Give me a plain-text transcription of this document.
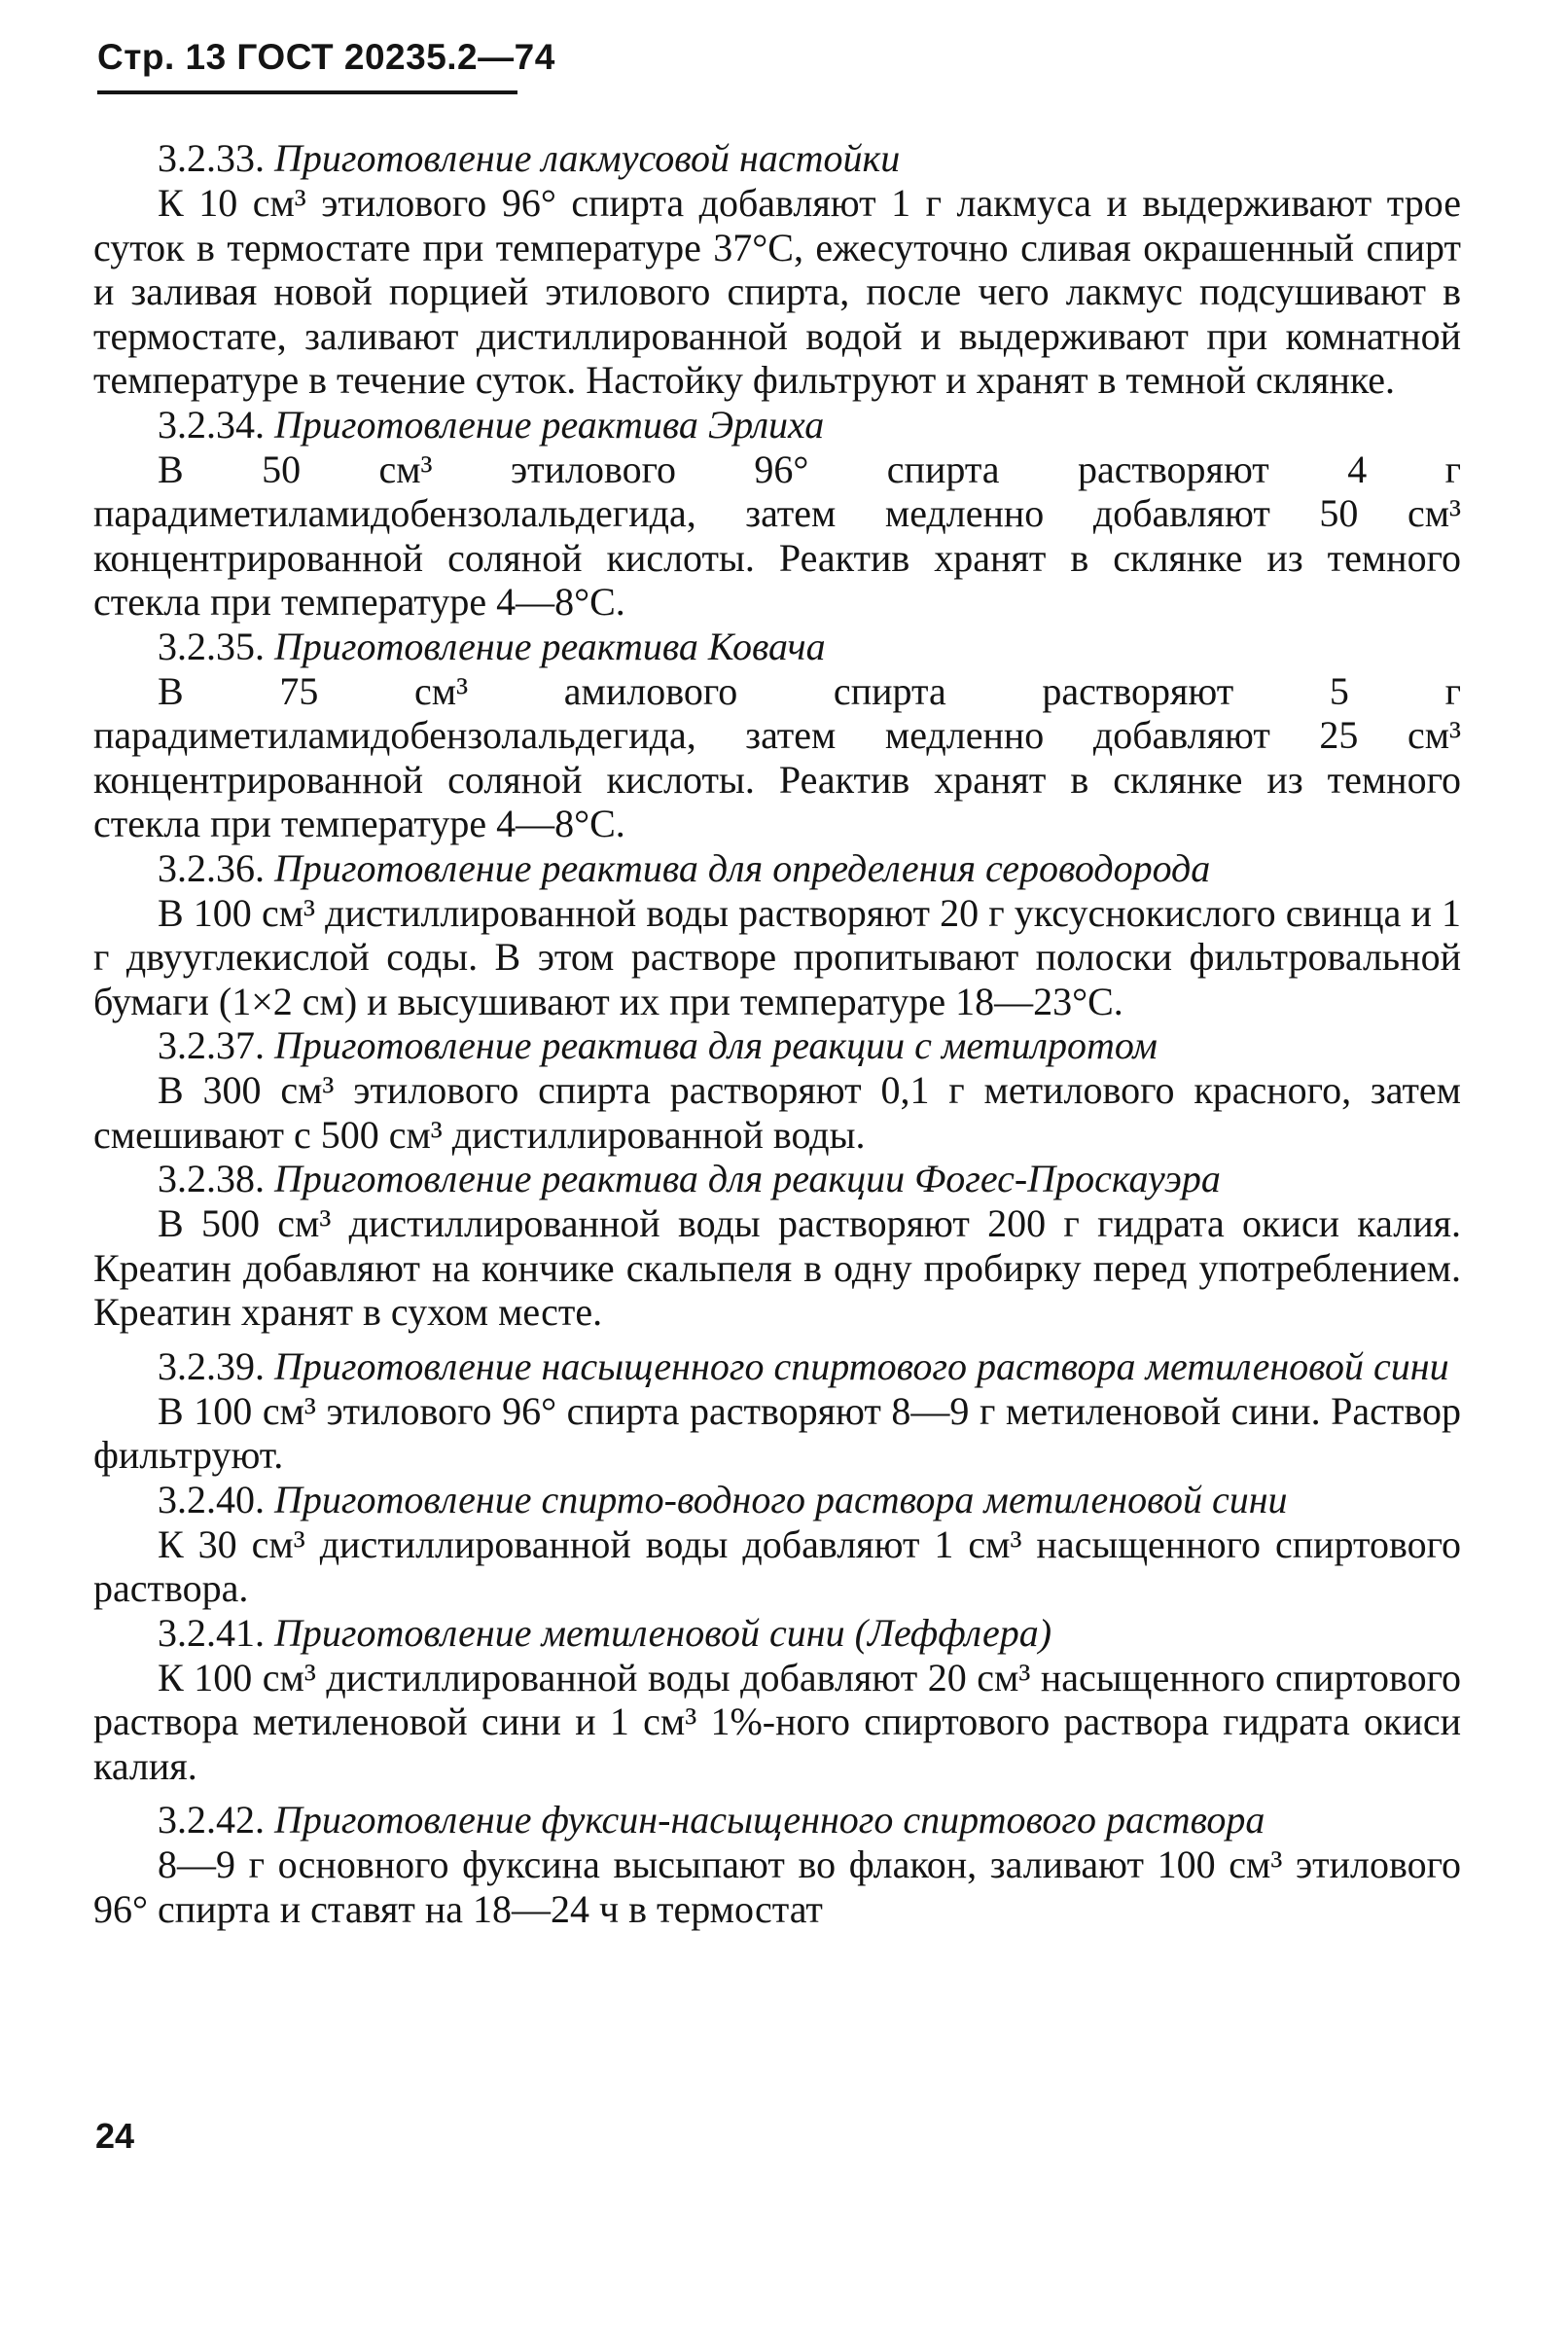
Стр. 13 ГОСТ 20235.2—74
3.2.33. Приготовление лакмусовой настойки

К 10 см³ этилового 96° спирта добавляют 1 г лакмуса и выдерживают трое суток в термостате при температуре 37°C, ежесуточно сливая окрашенный спирт и заливая новой порцией этилового спирта, после чего лакмус подсушивают в термостате, заливают дистиллированной водой и выдерживают при комнатной температуре в течение суток. Настойку фильтруют и хранят в темной склянке.

3.2.34. Приготовление реактива Эрлиха

В 50 см³ этилового 96° спирта растворяют 4 г парадиметиламидобензолальдегида, затем медленно добавляют 50 см³ концентрированной соляной кислоты. Реактив хранят в склянке из темного стекла при температуре 4—8°C.

3.2.35. Приготовление реактива Ковача

В 75 см³ амилового спирта растворяют 5 г парадиметиламидобензолальдегида, затем медленно добавляют 25 см³ концентрированной соляной кислоты. Реактив хранят в склянке из темного стекла при температуре 4—8°C.

3.2.36. Приготовление реактива для определения сероводорода

В 100 см³ дистиллированной воды растворяют 20 г уксуснокислого свинца и 1 г двууглекислой соды. В этом растворе пропитывают полоски фильтровальной бумаги (1×2 см) и высушивают их при температуре 18—23°C.

3.2.37. Приготовление реактива для реакции с метилротом

В 300 см³ этилового спирта растворяют 0,1 г метилового красного, затем смешивают с 500 см³ дистиллированной воды.

3.2.38. Приготовление реактива для реакции Фогес-Проскауэра

В 500 см³ дистиллированной воды растворяют 200 г гидрата окиси калия. Креатин добавляют на кончике скальпеля в одну пробирку перед употреблением. Креатин хранят в сухом месте.

3.2.39. Приготовление насыщенного спиртового раствора метиленовой сини

В 100 см³ этилового 96° спирта растворяют 8—9 г метиленовой сини. Раствор фильтруют.

3.2.40. Приготовление спирто-водного раствора метиленовой сини

К 30 см³ дистиллированной воды добавляют 1 см³ насыщенного спиртового раствора.

3.2.41. Приготовление метиленовой сини (Леффлера)

К 100 см³ дистиллированной воды добавляют 20 см³ насыщенного спиртового раствора метиленовой сини и 1 см³ 1%-ного спиртового раствора гидрата окиси калия.

3.2.42. Приготовление фуксин-насыщенного спиртового раствора

8—9 г основного фуксина высыпают во флакон, заливают 100 см³ этилового 96° спирта и ставят на 18—24 ч в термостат

24
